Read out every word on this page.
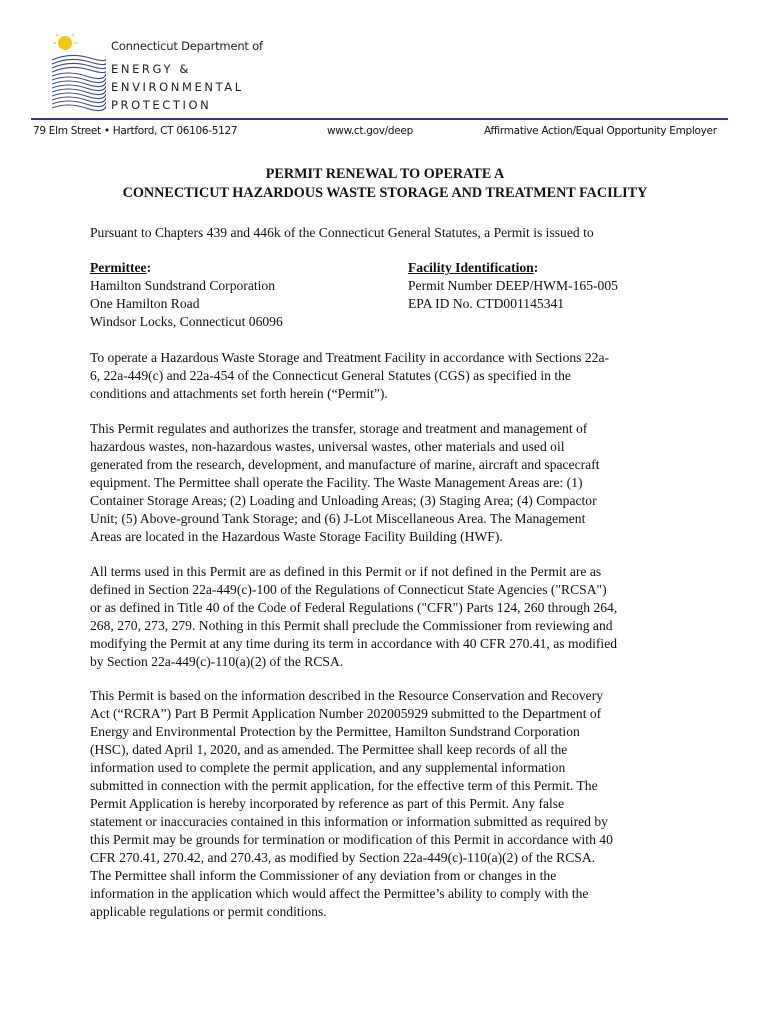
Connecticut Department of
ENERGY &
ENVIRONMENTAL
PROTECTION
79 Elm Street • Hartford, CT 06106-5127	www.ct.gov/deep	Affirmative Action/Equal Opportunity Employer
PERMIT RENEWAL TO OPERATE A
CONNECTICUT HAZARDOUS WASTE STORAGE AND TREATMENT FACILITY
Pursuant to Chapters 439 and 446k of the Connecticut General Statutes, a Permit is issued to
Permittee:
Hamilton Sundstrand Corporation
One Hamilton Road
Windsor Locks, Connecticut 06096
Facility Identification:
Permit Number DEEP/HWM-165-005
EPA ID No. CTD001145341
To operate a Hazardous Waste Storage and Treatment Facility in accordance with Sections 22a-
6, 22a-449(c) and 22a-454 of the Connecticut General Statutes (CGS) as specified in the
conditions and attachments set forth herein (“Permit”).
This Permit regulates and authorizes the transfer, storage and treatment and management of
hazardous wastes, non-hazardous wastes, universal wastes, other materials and used oil
generated from the research, development, and manufacture of marine, aircraft and spacecraft
equipment. The Permittee shall operate the Facility. The Waste Management Areas are: (1)
Container Storage Areas; (2) Loading and Unloading Areas; (3) Staging Area; (4) Compactor
Unit; (5) Above-ground Tank Storage; and (6) J-Lot Miscellaneous Area. The Management
Areas are located in the Hazardous Waste Storage Facility Building (HWF).
All terms used in this Permit are as defined in this Permit or if not defined in the Permit are as
defined in Section 22a-449(c)-100 of the Regulations of Connecticut State Agencies ("RCSA")
or as defined in Title 40 of the Code of Federal Regulations ("CFR") Parts 124, 260 through 264,
268, 270, 273, 279. Nothing in this Permit shall preclude the Commissioner from reviewing and
modifying the Permit at any time during its term in accordance with 40 CFR 270.41, as modified
by Section 22a-449(c)-110(a)(2) of the RCSA.
This Permit is based on the information described in the Resource Conservation and Recovery
Act (“RCRA”) Part B Permit Application Number 202005929 submitted to the Department of
Energy and Environmental Protection by the Permittee, Hamilton Sundstrand Corporation
(HSC), dated April 1, 2020, and as amended. The Permittee shall keep records of all the
information used to complete the permit application, and any supplemental information
submitted in connection with the permit application, for the effective term of this Permit. The
Permit Application is hereby incorporated by reference as part of this Permit. Any false
statement or inaccuracies contained in this information or information submitted as required by
this Permit may be grounds for termination or modification of this Permit in accordance with 40
CFR 270.41, 270.42, and 270.43, as modified by Section 22a-449(c)-110(a)(2) of the RCSA.
The Permittee shall inform the Commissioner of any deviation from or changes in the
information in the application which would affect the Permittee’s ability to comply with the
applicable regulations or permit conditions.
